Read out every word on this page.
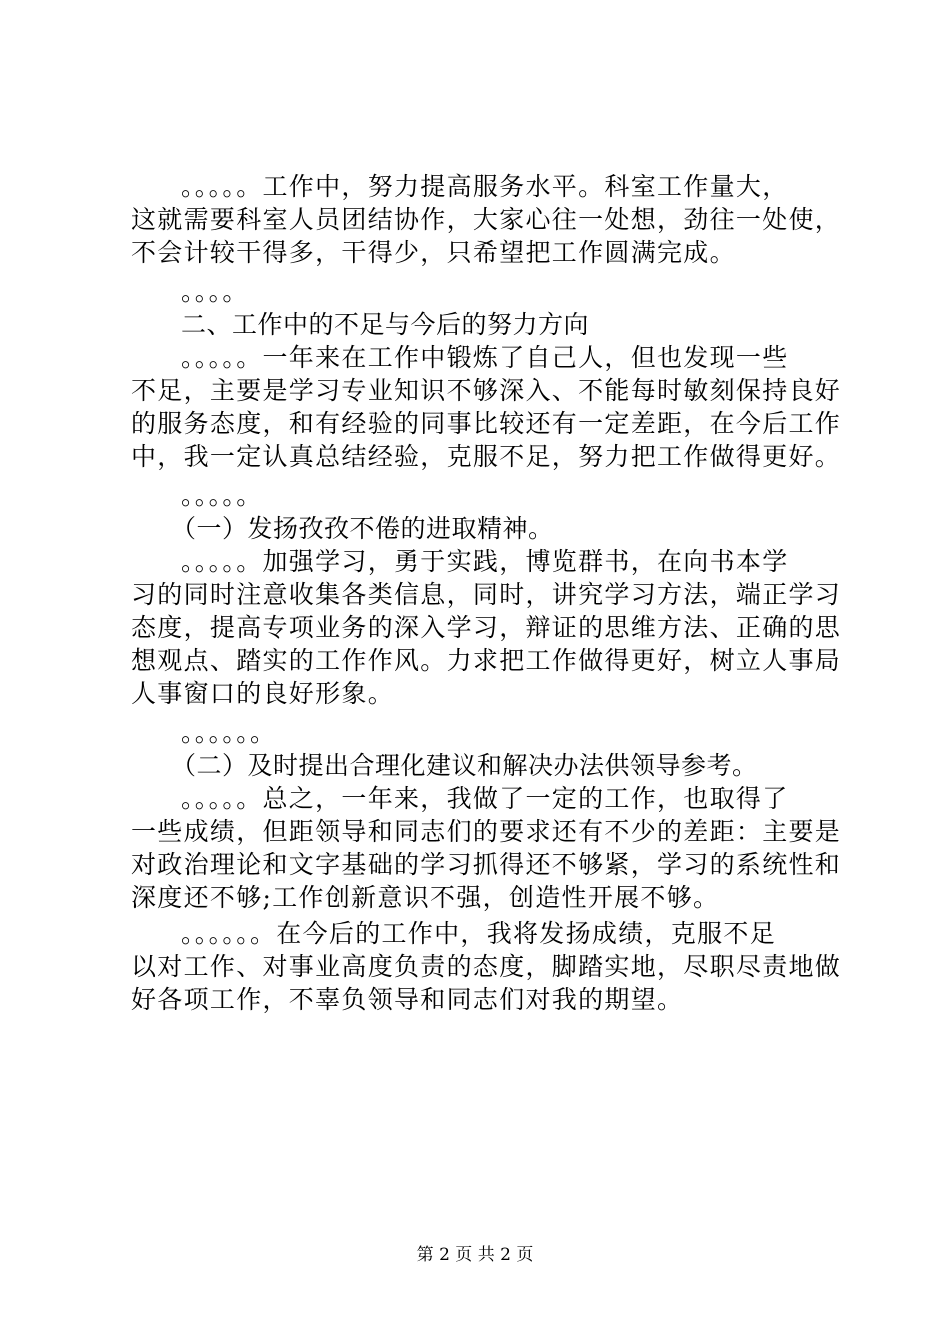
。。。。。工作中，努力提高服务水平。科室工作量大，
这就需要科室人员团结协作，大家心往一处想，劲往一处使，
不会计较干得多，干得少，只希望把工作圆满完成。
。。。。
二、工作中的不足与今后的努力方向
。。。。。一年来在工作中锻炼了自己人，但也发现一些
不足，主要是学习专业知识不够深入、不能每时敏刻保持良好
的服务态度，和有经验的同事比较还有一定差距，在今后工作
中，我一定认真总结经验，克服不足，努力把工作做得更好。
。。。。。
（一）发扬孜孜不倦的进取精神。
。。。。。加强学习，勇于实践，博览群书，在向书本学
习的同时注意收集各类信息，同时，讲究学习方法，端正学习
态度，提高专项业务的深入学习，辩证的思维方法、正确的思
想观点、踏实的工作作风。力求把工作做得更好，树立人事局
人事窗口的良好形象。
。。。。。。
（二）及时提出合理化建议和解决办法供领导参考。
。。。。。总之，一年来，我做了一定的工作，也取得了
一些成绩，但距领导和同志们的要求还有不少的差距：主要是
对政治理论和文字基础的学习抓得还不够紧，学习的系统性和
深度还不够;工作创新意识不强，创造性开展不够。
。。。。。。在今后的工作中，我将发扬成绩，克服不足
以对工作、对事业高度负责的态度，脚踏实地，尽职尽责地做
好各项工作，不辜负领导和同志们对我的期望。
第 2 页 共 2 页
